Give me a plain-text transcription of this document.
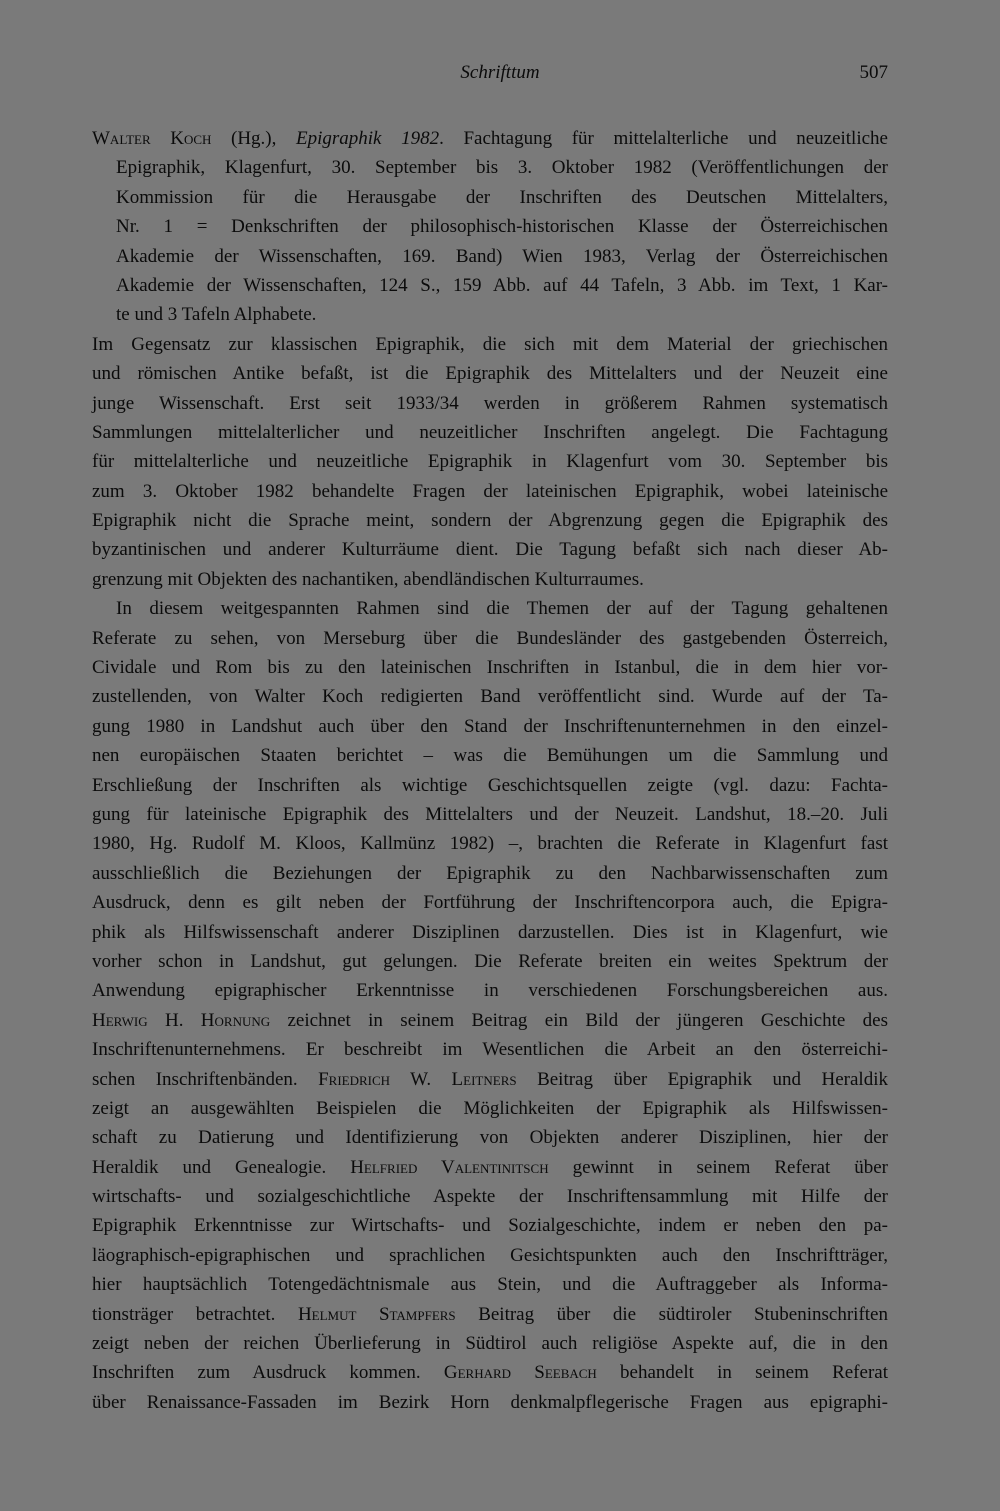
Schrifttum	507
Walter Koch (Hg.), Epigraphik 1982. Fachtagung für mittelalterliche und neuzeitliche
Epigraphik, Klagenfurt, 30. September bis 3. Oktober 1982 (Veröffentlichungen der
Kommission für die Herausgabe der Inschriften des Deutschen Mittelalters,
Nr. 1 = Denkschriften der philosophisch-historischen Klasse der Österreichischen
Akademie der Wissenschaften, 169. Band) Wien 1983, Verlag der Österreichischen
Akademie der Wissenschaften, 124 S., 159 Abb. auf 44 Tafeln, 3 Abb. im Text, 1 Kar-
te und 3 Tafeln Alphabete.
Im Gegensatz zur klassischen Epigraphik, die sich mit dem Material der griechischen
und römischen Antike befaßt, ist die Epigraphik des Mittelalters und der Neuzeit eine
junge Wissenschaft. Erst seit 1933/34 werden in größerem Rahmen systematisch
Sammlungen mittelalterlicher und neuzeitlicher Inschriften angelegt. Die Fachtagung
für mittelalterliche und neuzeitliche Epigraphik in Klagenfurt vom 30. September bis
zum 3. Oktober 1982 behandelte Fragen der lateinischen Epigraphik, wobei lateinische
Epigraphik nicht die Sprache meint, sondern der Abgrenzung gegen die Epigraphik des
byzantinischen und anderer Kulturräume dient. Die Tagung befaßt sich nach dieser Ab-
grenzung mit Objekten des nachantiken, abendländischen Kulturraumes.
In diesem weitgespannten Rahmen sind die Themen der auf der Tagung gehaltenen
Referate zu sehen, von Merseburg über die Bundesländer des gastgebenden Österreich,
Cividale und Rom bis zu den lateinischen Inschriften in Istanbul, die in dem hier vor-
zustellenden, von Walter Koch redigierten Band veröffentlicht sind. Wurde auf der Ta-
gung 1980 in Landshut auch über den Stand der Inschriftenunternehmen in den einzel-
nen europäischen Staaten berichtet – was die Bemühungen um die Sammlung und
Erschließung der Inschriften als wichtige Geschichtsquellen zeigte (vgl. dazu: Fachta-
gung für lateinische Epigraphik des Mittelalters und der Neuzeit. Landshut, 18.–20. Juli
1980, Hg. Rudolf M. Kloos, Kallmünz 1982) –, brachten die Referate in Klagenfurt fast
ausschließlich die Beziehungen der Epigraphik zu den Nachbarwissenschaften zum
Ausdruck, denn es gilt neben der Fortführung der Inschriftencorpora auch, die Epigra-
phik als Hilfswissenschaft anderer Disziplinen darzustellen. Dies ist in Klagenfurt, wie
vorher schon in Landshut, gut gelungen. Die Referate breiten ein weites Spektrum der
Anwendung epigraphischer Erkenntnisse in verschiedenen Forschungsbereichen aus.
Herwig H. Hornung zeichnet in seinem Beitrag ein Bild der jüngeren Geschichte des
Inschriftenunternehmens. Er beschreibt im Wesentlichen die Arbeit an den österreichi-
schen Inschriftenbänden. Friedrich W. Leitners Beitrag über Epigraphik und Heraldik
zeigt an ausgewählten Beispielen die Möglichkeiten der Epigraphik als Hilfswissen-
schaft zu Datierung und Identifizierung von Objekten anderer Disziplinen, hier der
Heraldik und Genealogie. Helfried Valentinitsch gewinnt in seinem Referat über
wirtschafts- und sozialgeschichtliche Aspekte der Inschriftensammlung mit Hilfe der
Epigraphik Erkenntnisse zur Wirtschafts- und Sozialgeschichte, indem er neben den pa-
läographisch-epigraphischen und sprachlichen Gesichtspunkten auch den Inschriftträger,
hier hauptsächlich Totengedächtnismale aus Stein, und die Auftraggeber als Informa-
tionsträger betrachtet. Helmut Stampfers Beitrag über die südtiroler Stubeninschriften
zeigt neben der reichen Überlieferung in Südtirol auch religiöse Aspekte auf, die in den
Inschriften zum Ausdruck kommen. Gerhard Seebach behandelt in seinem Referat
über Renaissance-Fassaden im Bezirk Horn denkmalpflegerische Fragen aus epigraphi-
